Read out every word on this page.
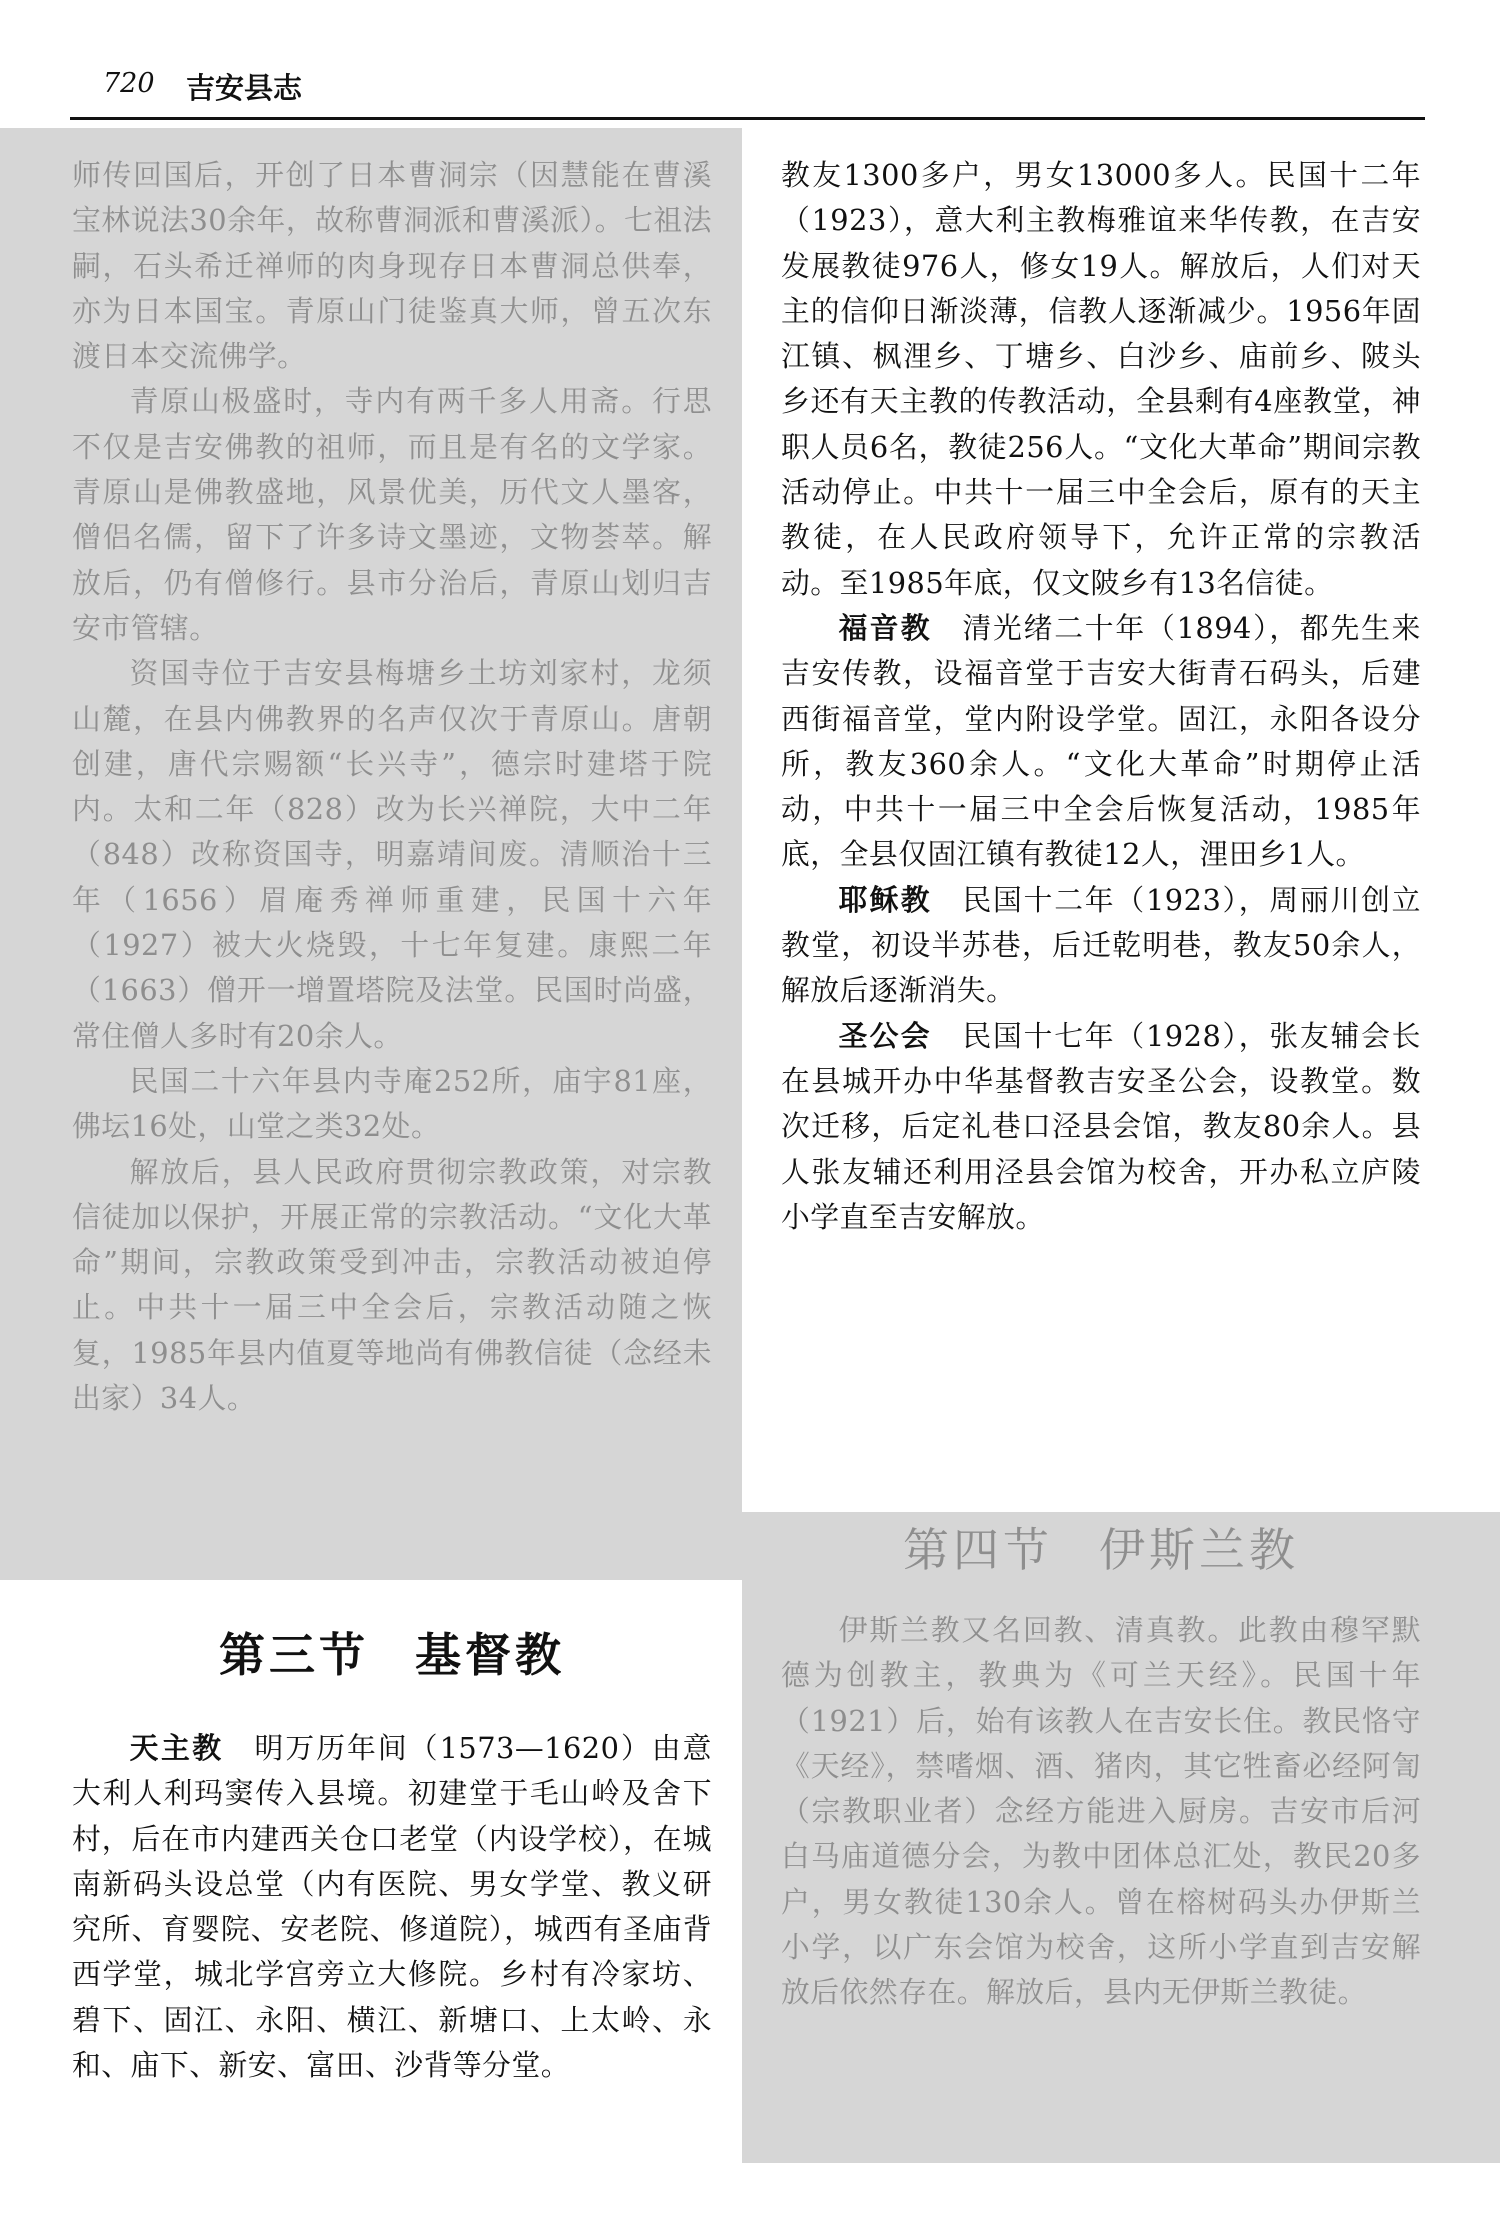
720 吉安县志

师传回国后，开创了日本曹洞宗（因慧能在曹溪宝林说法30余年，故称曹洞派和曹溪派）。七祖法嗣，石头希迁禅师的肉身现存日本曹洞总供奉，亦为日本国宝。青原山门徒鉴真大师，曾五次东渡日本交流佛学。

青原山极盛时，寺内有两千多人用斋。行思不仅是吉安佛教的祖师，而且是有名的文学家。青原山是佛教盛地，风景优美，历代文人墨客，僧侣名儒，留下了许多诗文墨迹，文物荟萃。解放后，仍有僧修行。县市分治后，青原山划归吉安市管辖。

资国寺位于吉安县梅塘乡土坊刘家村，龙须山麓，在县内佛教界的名声仅次于青原山。唐朝创建，唐代宗赐额“长兴寺”，德宗时建塔于院内。太和二年（828）改为长兴禅院，大中二年（848）改称资国寺，明嘉靖间废。清顺治十三年（1656）眉庵秀禅师重建，民国十六年（1927）被大火烧毁，十七年复建。康熙二年（1663）僧开一增置塔院及法堂。民国时尚盛，常住僧人多时有20余人。

民国二十六年县内寺庵252所，庙宇81座，佛坛16处，山堂之类32处。

解放后，县人民政府贯彻宗教政策，对宗教信徒加以保护，开展正常的宗教活动。“文化大革命”期间，宗教政策受到冲击，宗教活动被迫停止。中共十一届三中全会后，宗教活动随之恢复，1985年县内值夏等地尚有佛教信徒（念经未出家）34人。

教友1300多户，男女13000多人。民国十二年（1923），意大利主教梅雅谊来华传教，在吉安发展教徒976人，修女19人。解放后，人们对天主的信仰日渐淡薄，信教人逐渐减少。1956年固江镇、枫浬乡、丁塘乡、白沙乡、庙前乡、陂头乡还有天主教的传教活动，全县剩有4座教堂，神职人员6名，教徒256人。“文化大革命”期间宗教活动停止。中共十一届三中全会后，原有的天主教徒，在人民政府领导下，允许正常的宗教活动。至1985年底，仅文陂乡有13名信徒。

福音教　 清光绪二十年（1894），都先生来吉安传教，设福音堂于吉安大街青石码头，后建西街福音堂，堂内附设学堂。固江，永阳各设分所，教友360余人。“文化大革命”时期停止活动，中共十一届三中全会后恢复活动，1985年底，全县仅固江镇有教徒12人，浬田乡1人。

耶稣教　 民国十二年（1923），周丽川创立教堂，初设半苏巷，后迁乾明巷，教友50余人，解放后逐渐消失。

圣公会　 民国十七年（1928），张友辅会长在县城开办中华基督教吉安圣公会，设教堂。数次迁移，后定礼巷口泾县会馆，教友80余人。县人张友辅还利用泾县会馆为校舍，开办私立庐陵小学直至吉安解放。

第三节 基督教

天主教　 明万历年间（1573—1620）由意大利人利玛窦传入县境。初建堂于毛山岭及舍下村，后在市内建西关仓口老堂（内设学校），在城南新码头设总堂（内有医院、男女学堂、教义研究所、育婴院、安老院、修道院），城西有圣庙背西学堂，城北学宫旁立大修院。乡村有冷家坊、碧下、固江、永阳、横江、新塘口、上太岭、永和、庙下、新安、富田、沙背等分堂。

第四节 伊斯兰教

伊斯兰教又名回教、清真教。此教由穆罕默德为创教主，教典为《可兰天经》。民国十年（1921）后，始有该教人在吉安长住。教民恪守《天经》，禁嗜烟、酒、猪肉，其它牲畜必经阿訇（宗教职业者）念经方能进入厨房。吉安市后河白马庙道德分会，为教中团体总汇处，教民20多户，男女教徒130余人。曾在榕树码头办伊斯兰小学，以广东会馆为校舍，这所小学直到吉安解放后依然存在。解放后，县内无伊斯兰教徒。
